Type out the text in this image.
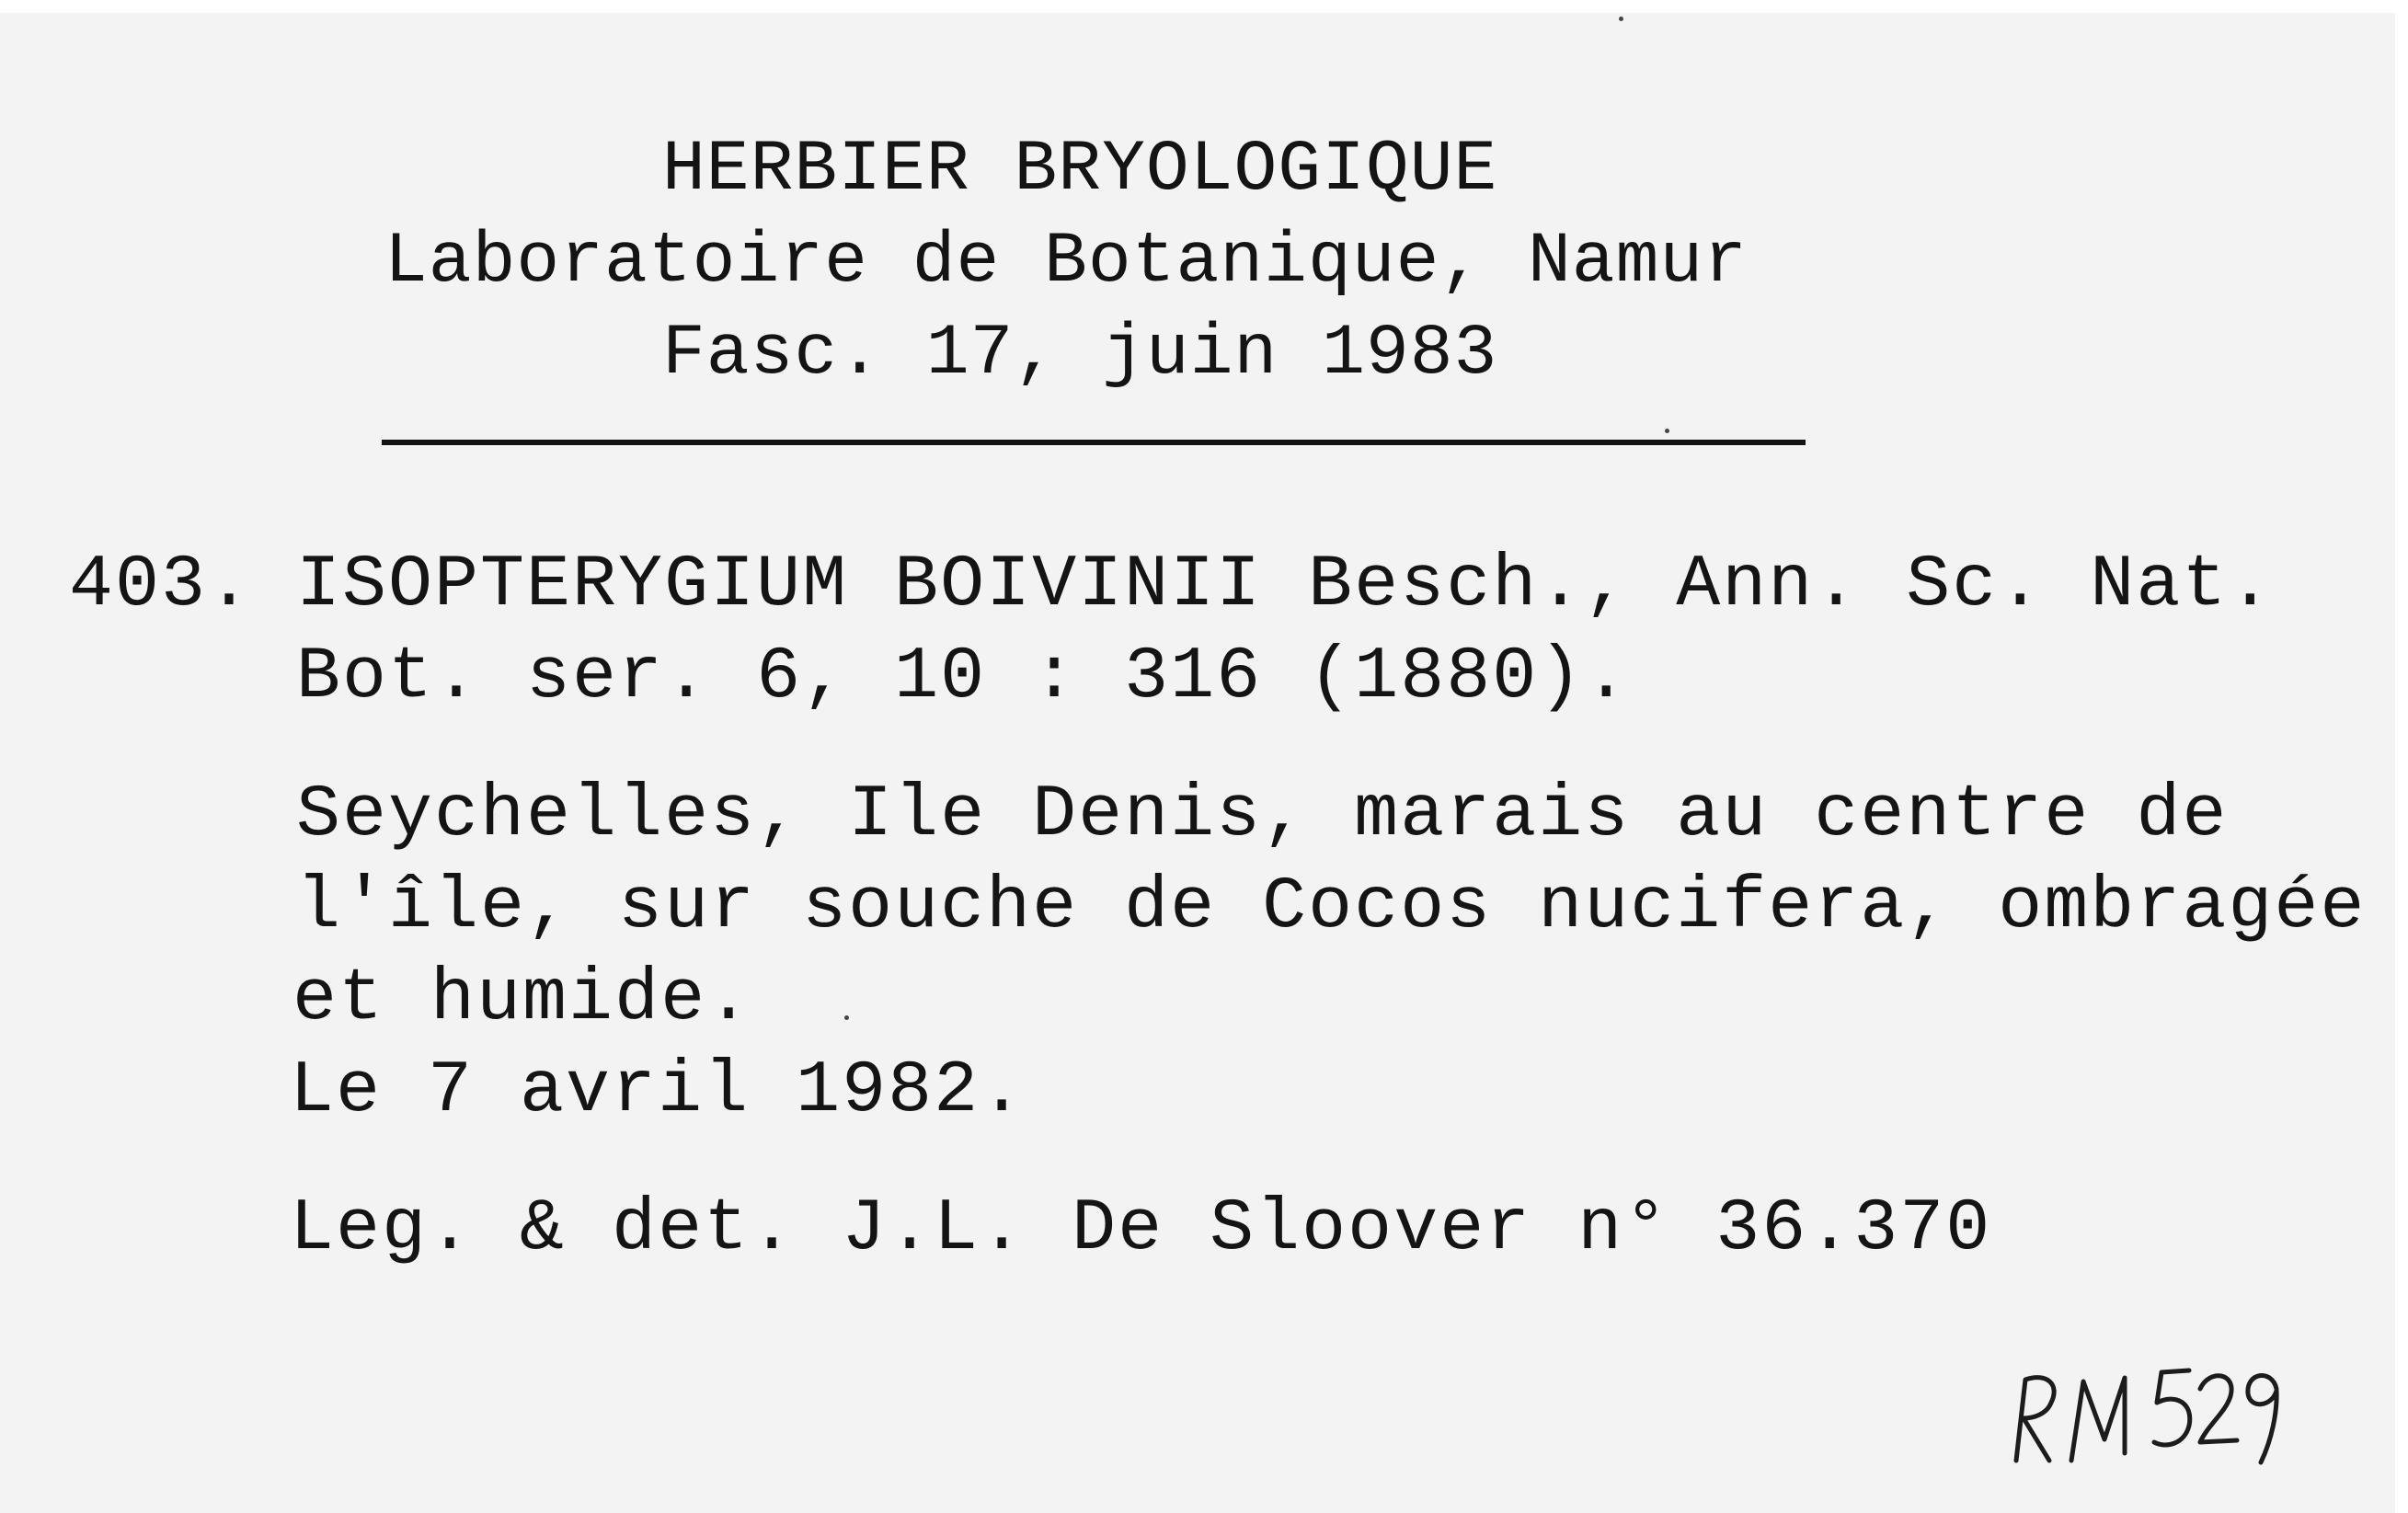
HERBIER BRYOLOGIQUE
Laboratoire de Botanique, Namur
Fasc. 17, juin 1983
403. ISOPTERYGIUM BOIVINII Besch., Ann. Sc. Nat.
Bot. ser. 6, 10 : 316 (1880).
Seychelles, Ile Denis, marais au centre de
l'île, sur souche de Cocos nucifera, ombragée
et humide.
Le 7 avril 1982.
Leg. & det. J.L. De Sloover n° 36.370
